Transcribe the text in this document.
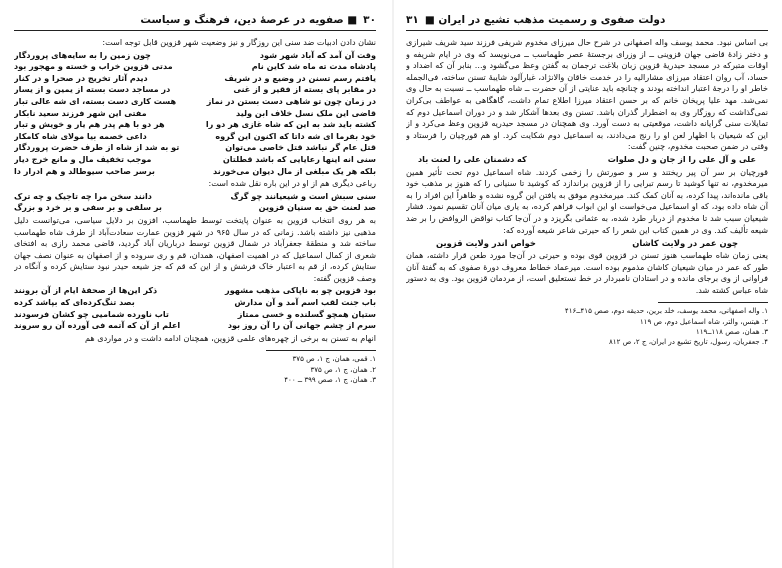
۳۰■ صفویه در عرصهٔ دین، فرهنگ و سیاست

نشان دادن ادبیات ضد سنی این روزگار و نیز وضعیت شهر قزوین قابل توجه است:

وقت آن آمد که آباد شهر شود
چون زمین را به سایه‌های پروردگار
پادشاه مدت ته ماه شد کاین نام
مدتی قزوین خراب و خسته و مهجور بود
یافتم رسم تسنن در وضیع و در شریف
دیدم آثار تخریج در صحرا و در کنار
در مقابر پای بسته از فقیر و از غنی
در مساجد دست بسته از یمین و از یسار
در زمان چون تو شاهی دست بستن در نماز
هست کاری دست بسته، ای شه عالی تبار
قاضی این ملک نسل خلاف ابن ولید
مفتی این شهر فرزند سعید نابکار
کشته باید شد به این که شاه غازی هر دو را
هر دو با هم پدر هم یار و خویش و تبار
خود بفرما ای شه داتا که اکنون این گروه
داعی خصمه بیا مولای شاه کامکار
قتل عام گر نباشد قتل خاصی می‌توان
تو به شد از شاه از طرف حضرت پروردگار
سنی انه اینها رعایایی که باشد قطلتان
موجب تخفیف مال و مانع خرج دیار
بلکه هر یک مبلغی از مال دیوان می‌خورند
برسر صاحب سیوطالد و هم ادرار دا

رباعی دیگری هم از او در این باره نقل شده است:

سنی سبش است و شیعیانند چو گرگ
دانند سخن مرا چه تاجیک و چه ترک
صد لعنت حق به سنیان قزوین
بر سلفی و بر سفی و بر خرد و بزرگ

به هر روی انتخاب قزوین به عنوان پایتخت توسط طهماسب، افزون بر دلایل سیاسی، می‌توانست دلیل مذهبی نیز داشته باشد. زمانی که در سال ۹۶۵ در شهر قزوین عمارت سعادت‌آباد از طرف شاه طهماسب ساخته شد و منطقهٔ جعفرآباد در شمال قزوین توسط درباریان آباد گردید، قاضی محمد رازی به افتخای شعری از کمال اسماعیل که در اهمیت اصفهان، همدان، قم و ری سروده و از اصفهان به عنوان نصف جهان ستایش کرده، از قم به اعتبار خاک فرشش و از این که قم که جز شیعه حیدر نبود ستایش کرده و آنگاه در وصف قزوین گفته:

بود قزوین چو به ناپاکی مذهب مشهور
ذکر این‌ها از صحفهٔ ایام از آن برونند
باب جنت لقب اسم آمد و آن مدارش
بصد تنگ‌کرده‌ای که بپاشد کرده
ستیان همچو گسلنده و خسی ممتاز
تاب ناورده شمامیی چو کشان فرسودند
سرم از چشم جهانی آن را آن روز بود
اعلم از آن که آتمه فی آورده آن رو سروند

انهام به تسنن به برخی از چهره‌های علمی قزوین، همچنان ادامه داشت و در مواردی هم

۱. قمی، همان، ج ۱، ص ۳۷۵

۲. همان، ج ۱، ص ۳۷۵

۳. همان، ج ۱، صص ۳۹۹ ــ ۴۰۰

دولت صفوی و رسمیت مذهب تشیع در ایران ■۳۱

بی اساس نبود. محمد یوسف واله اصفهانی در شرح حال میرزای مخدوم شریفی فرزند سید شریف شیرازی و دختر زادهٔ قاضی جهان قزوینی ــ از وزرای برجستهٔ عصر طهماسب ــ می‌نویسد که وی در ایام شریفه و اوقات متبرکه در مسجد حیدریهٔ قزوین زبان بلاغت ترجمان به گفتن وعظ می‌گشود و... بنابر آن که اضداد و حساد، آب روان اعتقاد میرزای مشارالیه را در خدمت خاقان والانژاد، غبارآلود شایبهٔ تسنن ساخته، فی‌الجمله خاطر او را درجهٔ اعتبار انداخته بودند و چنانچه باید عنایتی از آن حضرت ــ شاه طهماسب ــ نسبت به حال وی نمی‌شد. مهد علیا پریخان خانم که بر حسن اعتقاد میرزا اطلاع تمام داشت، گاهگاهی به عواطف بی‌کران نمی‌گذاشت که روزگار وی به اضطرار گذران باشد. تسنن وی بعدها آشکار شد و در دوران اسماعیل دوم که تمایلات سنی گرایانه داشت، موقعیتی به دست آورد. وی همچنان در مسجد حیدریه قزوین وعظ می‌کرد و از این که شیعیان با اظهار لعن او را رنج می‌دادند، به اسماعیل دوم شکایت کرد. او هم قورچیان را فرستاد و وقتی در ضمن صحبت مخدوم، چنین گفت:

علی و آل علی را از جان و دل صلوات
که دشمنان علی را لعنت باد

قورچیان بر سر آن پیر ریختند و سر و صورتش را زخمی کردند. شاه اسماعیل دوم تحت تأثیر همین میرمخدوم، نه تنها کوشید تا رسم تبرایی را از قزوین براندازد که کوشید تا سنیانی را که هنوز بر مذهب خود باقی مانده‌اند، پیدا کرده، به آنان کمک کند. میرمخدوم موفق به یافتن این گروه نشده و ظاهراً این افراد را به آن شاه داده بود، که او اسماعیل می‌خواست او این ابواب فراهم کرده، به یاری میان آنان تقسیم نمود. فشار شیعیان سبب شد تا مخدوم از دربار طرد شده، به عثمانی بگریزد و در آن‌جا کتاب نواقض الروافض را بر ضد شیعه تألیف کند. وی در همین کتاب این شعر را که حیرتی شاعر شیعه آورده که:

چون عمر در ولایت کاشان
خواص اندر ولایت قزوین

یعنی زمان شاه طهماسب هنوز تسنن در قزوین قوی بوده و حیرتی در آن‌جا مورد طعن قرار داشته، همان طور که عمر در میان شیعیان کاشان مذموم بوده است. میرعماد خطاط معروف دورهٔ صفوی که به گفتهٔ آنان فراوانی از وی برجای مانده و در استادان نامبردار در خط نستعلیق است، از مردمان قزوین بود. وی به دستور شاه عباس کشته شد.

۱. واله اصفهانی، محمد یوسف، خلد برین، حدیقه دوم، صص ۴۱۵ــ۴۱۶

۲. هیتس، والتر، شاه اسماعیل دوم، ص ۱۱۹

۳. همان، صص ۱۱۸ــ۱۱۹

۴. جعفریان، رسول، تاریخ تشیع در ایران، ج ۲، ص ۸۱۲
